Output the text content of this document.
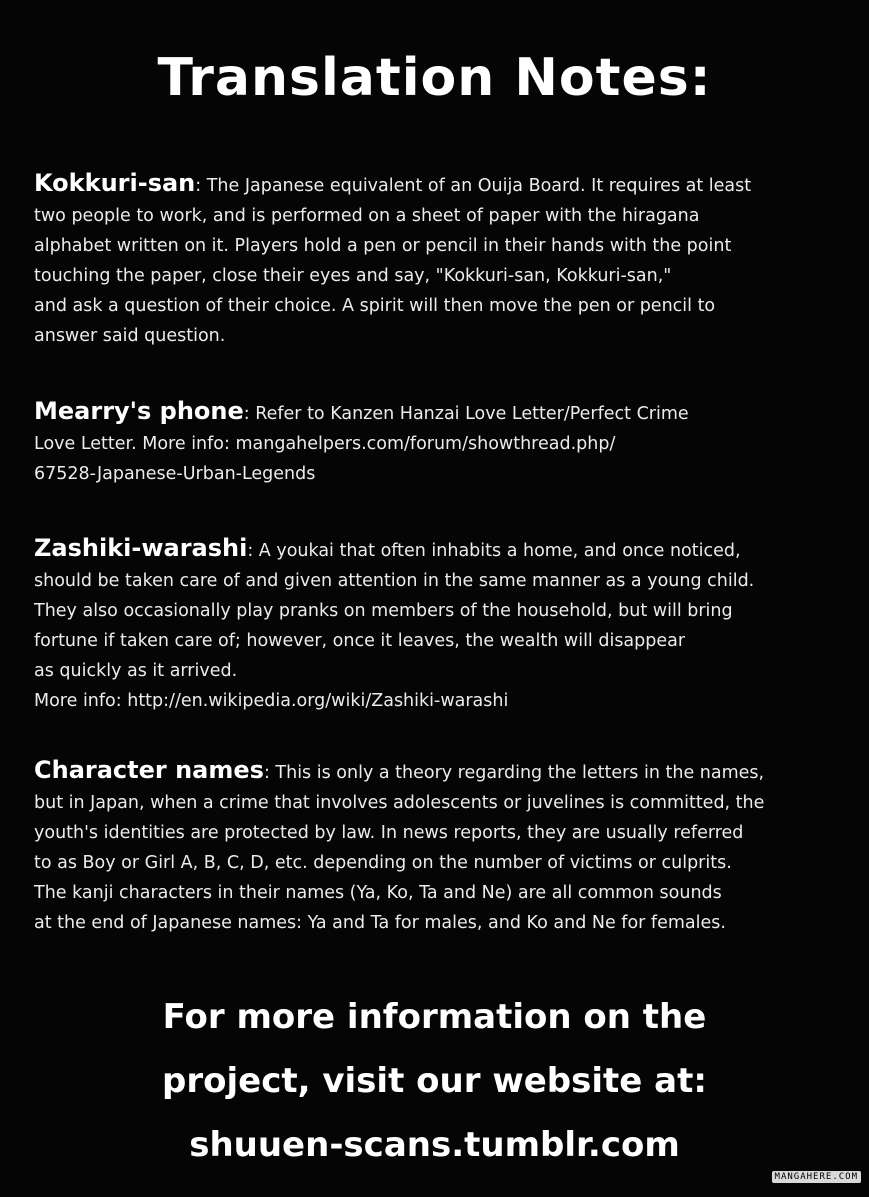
Translation Notes:
Kokkuri-san: The Japanese equivalent of an Ouija Board. It requires at least
two people to work, and is performed on a sheet of paper with the hiragana
alphabet written on it. Players hold a pen or pencil in their hands with the point
touching the paper, close their eyes and say, "Kokkuri-san, Kokkuri-san,"
and ask a question of their choice. A spirit will then move the pen or pencil to
answer said question.
Mearry's phone: Refer to Kanzen Hanzai Love Letter/Perfect Crime
Love Letter. More info: mangahelpers.com/forum/showthread.php/
67528-Japanese-Urban-Legends
Zashiki-warashi: A youkai that often inhabits a home, and once noticed,
should be taken care of and given attention in the same manner as a young child.
They also occasionally play pranks on members of the household, but will bring
fortune if taken care of; however, once it leaves, the wealth will disappear
as quickly as it arrived.
More info: http://en.wikipedia.org/wiki/Zashiki-warashi
Character names: This is only a theory regarding the letters in the names,
but in Japan, when a crime that involves adolescents or juvelines is committed, the
youth's identities are protected by law. In news reports, they are usually referred
to as Boy or Girl A, B, C, D, etc. depending on the number of victims or culprits.
The kanji characters in their names (Ya, Ko, Ta and Ne) are all common sounds
at the end of Japanese names: Ya and Ta for males, and Ko and Ne for females.
For more information on the
project, visit our website at:
shuuen-scans.tumblr.com
MANGAHERE.COM
